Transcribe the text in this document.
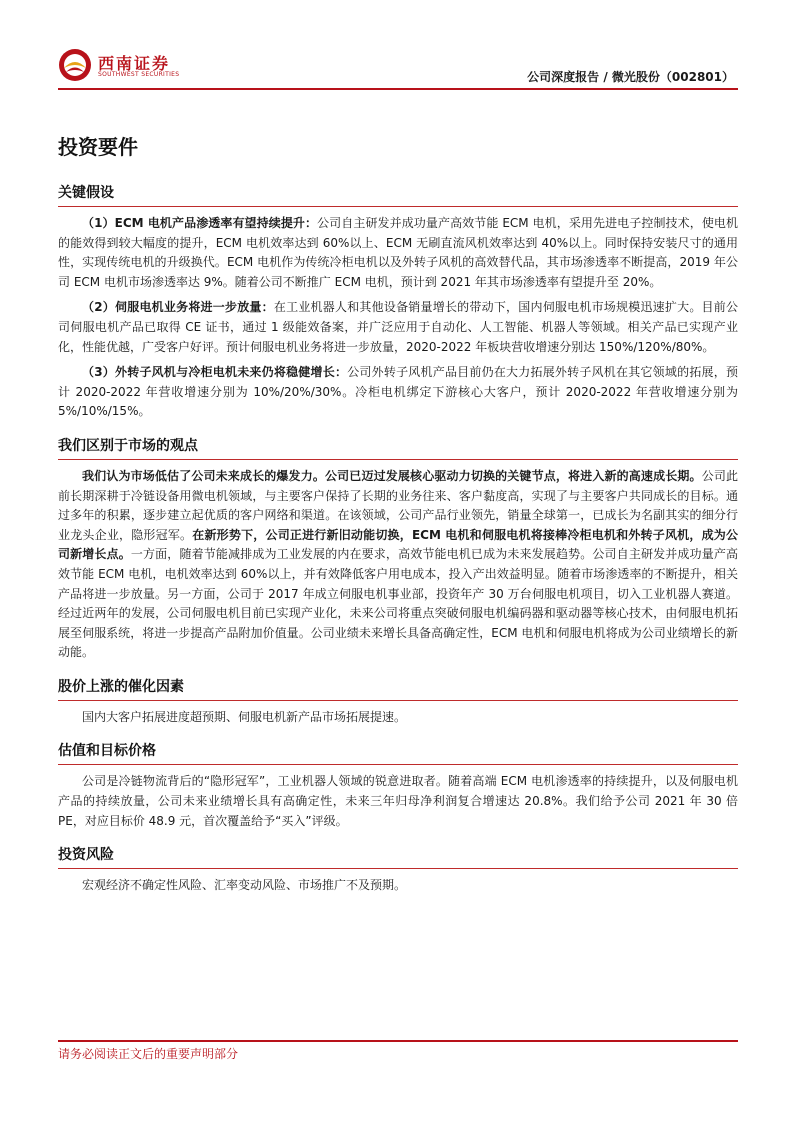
西南证券
SOUTHWEST SECURITIES	公司深度报告 / 微光股份（002801）
投资要件
关键假设

（1）ECM 电机产品渗透率有望持续提升：公司自主研发并成功量产高效节能 ECM 电机，采用先进电子控制技术，使电机的能效得到较大幅度的提升，ECM 电机效率达到 60%以上、ECM 无刷直流风机效率达到 40%以上。同时保持安装尺寸的通用性，实现传统电机的升级换代。ECM 电机作为传统冷柜电机以及外转子风机的高效替代品，其市场渗透率不断提高，2019 年公司 ECM 电机市场渗透率达 9%。随着公司不断推广 ECM 电机，预计到 2021 年其市场渗透率有望提升至 20%。

（2）伺服电机业务将进一步放量：在工业机器人和其他设备销量增长的带动下，国内伺服电机市场规模迅速扩大。目前公司伺服电机产品已取得 CE 证书，通过 1 级能效备案，并广泛应用于自动化、人工智能、机器人等领域。相关产品已实现产业化，性能优越，广受客户好评。预计伺服电机业务将进一步放量，2020-2022 年板块营收增速分别达 150%/120%/80%。

（3）外转子风机与冷柜电机未来仍将稳健增长：公司外转子风机产品目前仍在大力拓展外转子风机在其它领域的拓展，预计 2020-2022 年营收增速分别为 10%/20%/30%。冷柜电机绑定下游核心大客户，预计 2020-2022 年营收增速分别为 5%/10%/15%。

我们区别于市场的观点

我们认为市场低估了公司未来成长的爆发力。公司已迈过发展核心驱动力切换的关键节点，将进入新的高速成长期。公司此前长期深耕于冷链设备用微电机领域，与主要客户保持了长期的业务往来、客户黏度高，实现了与主要客户共同成长的目标。通过多年的积累，逐步建立起优质的客户网络和渠道。在该领域，公司产品行业领先，销量全球第一，已成长为名副其实的细分行业龙头企业，隐形冠军。在新形势下，公司正进行新旧动能切换，ECM 电机和伺服电机将接棒冷柜电机和外转子风机，成为公司新增长点。一方面，随着节能减排成为工业发展的内在要求，高效节能电机已成为未来发展趋势。公司自主研发并成功量产高效节能 ECM 电机，电机效率达到 60%以上，并有效降低客户用电成本，投入产出效益明显。随着市场渗透率的不断提升，相关产品将进一步放量。另一方面，公司于 2017 年成立伺服电机事业部，投资年产 30 万台伺服电机项目，切入工业机器人赛道。经过近两年的发展，公司伺服电机目前已实现产业化，未来公司将重点突破伺服电机编码器和驱动器等核心技术，由伺服电机拓展至伺服系统，将进一步提高产品附加价值量。公司业绩未来增长具备高确定性，ECM 电机和伺服电机将成为公司业绩增长的新动能。

股价上涨的催化因素

国内大客户拓展进度超预期、伺服电机新产品市场拓展提速。

估值和目标价格

公司是冷链物流背后的“隐形冠军”，工业机器人领域的锐意进取者。随着高端 ECM 电机渗透率的持续提升，以及伺服电机产品的持续放量，公司未来业绩增长具有高确定性，未来三年归母净利润复合增速达 20.8%。我们给予公司 2021 年 30 倍 PE，对应目标价 48.9 元，首次覆盖给予“买入”评级。

投资风险

宏观经济不确定性风险、汇率变动风险、市场推广不及预期。

请务必阅读正文后的重要声明部分
